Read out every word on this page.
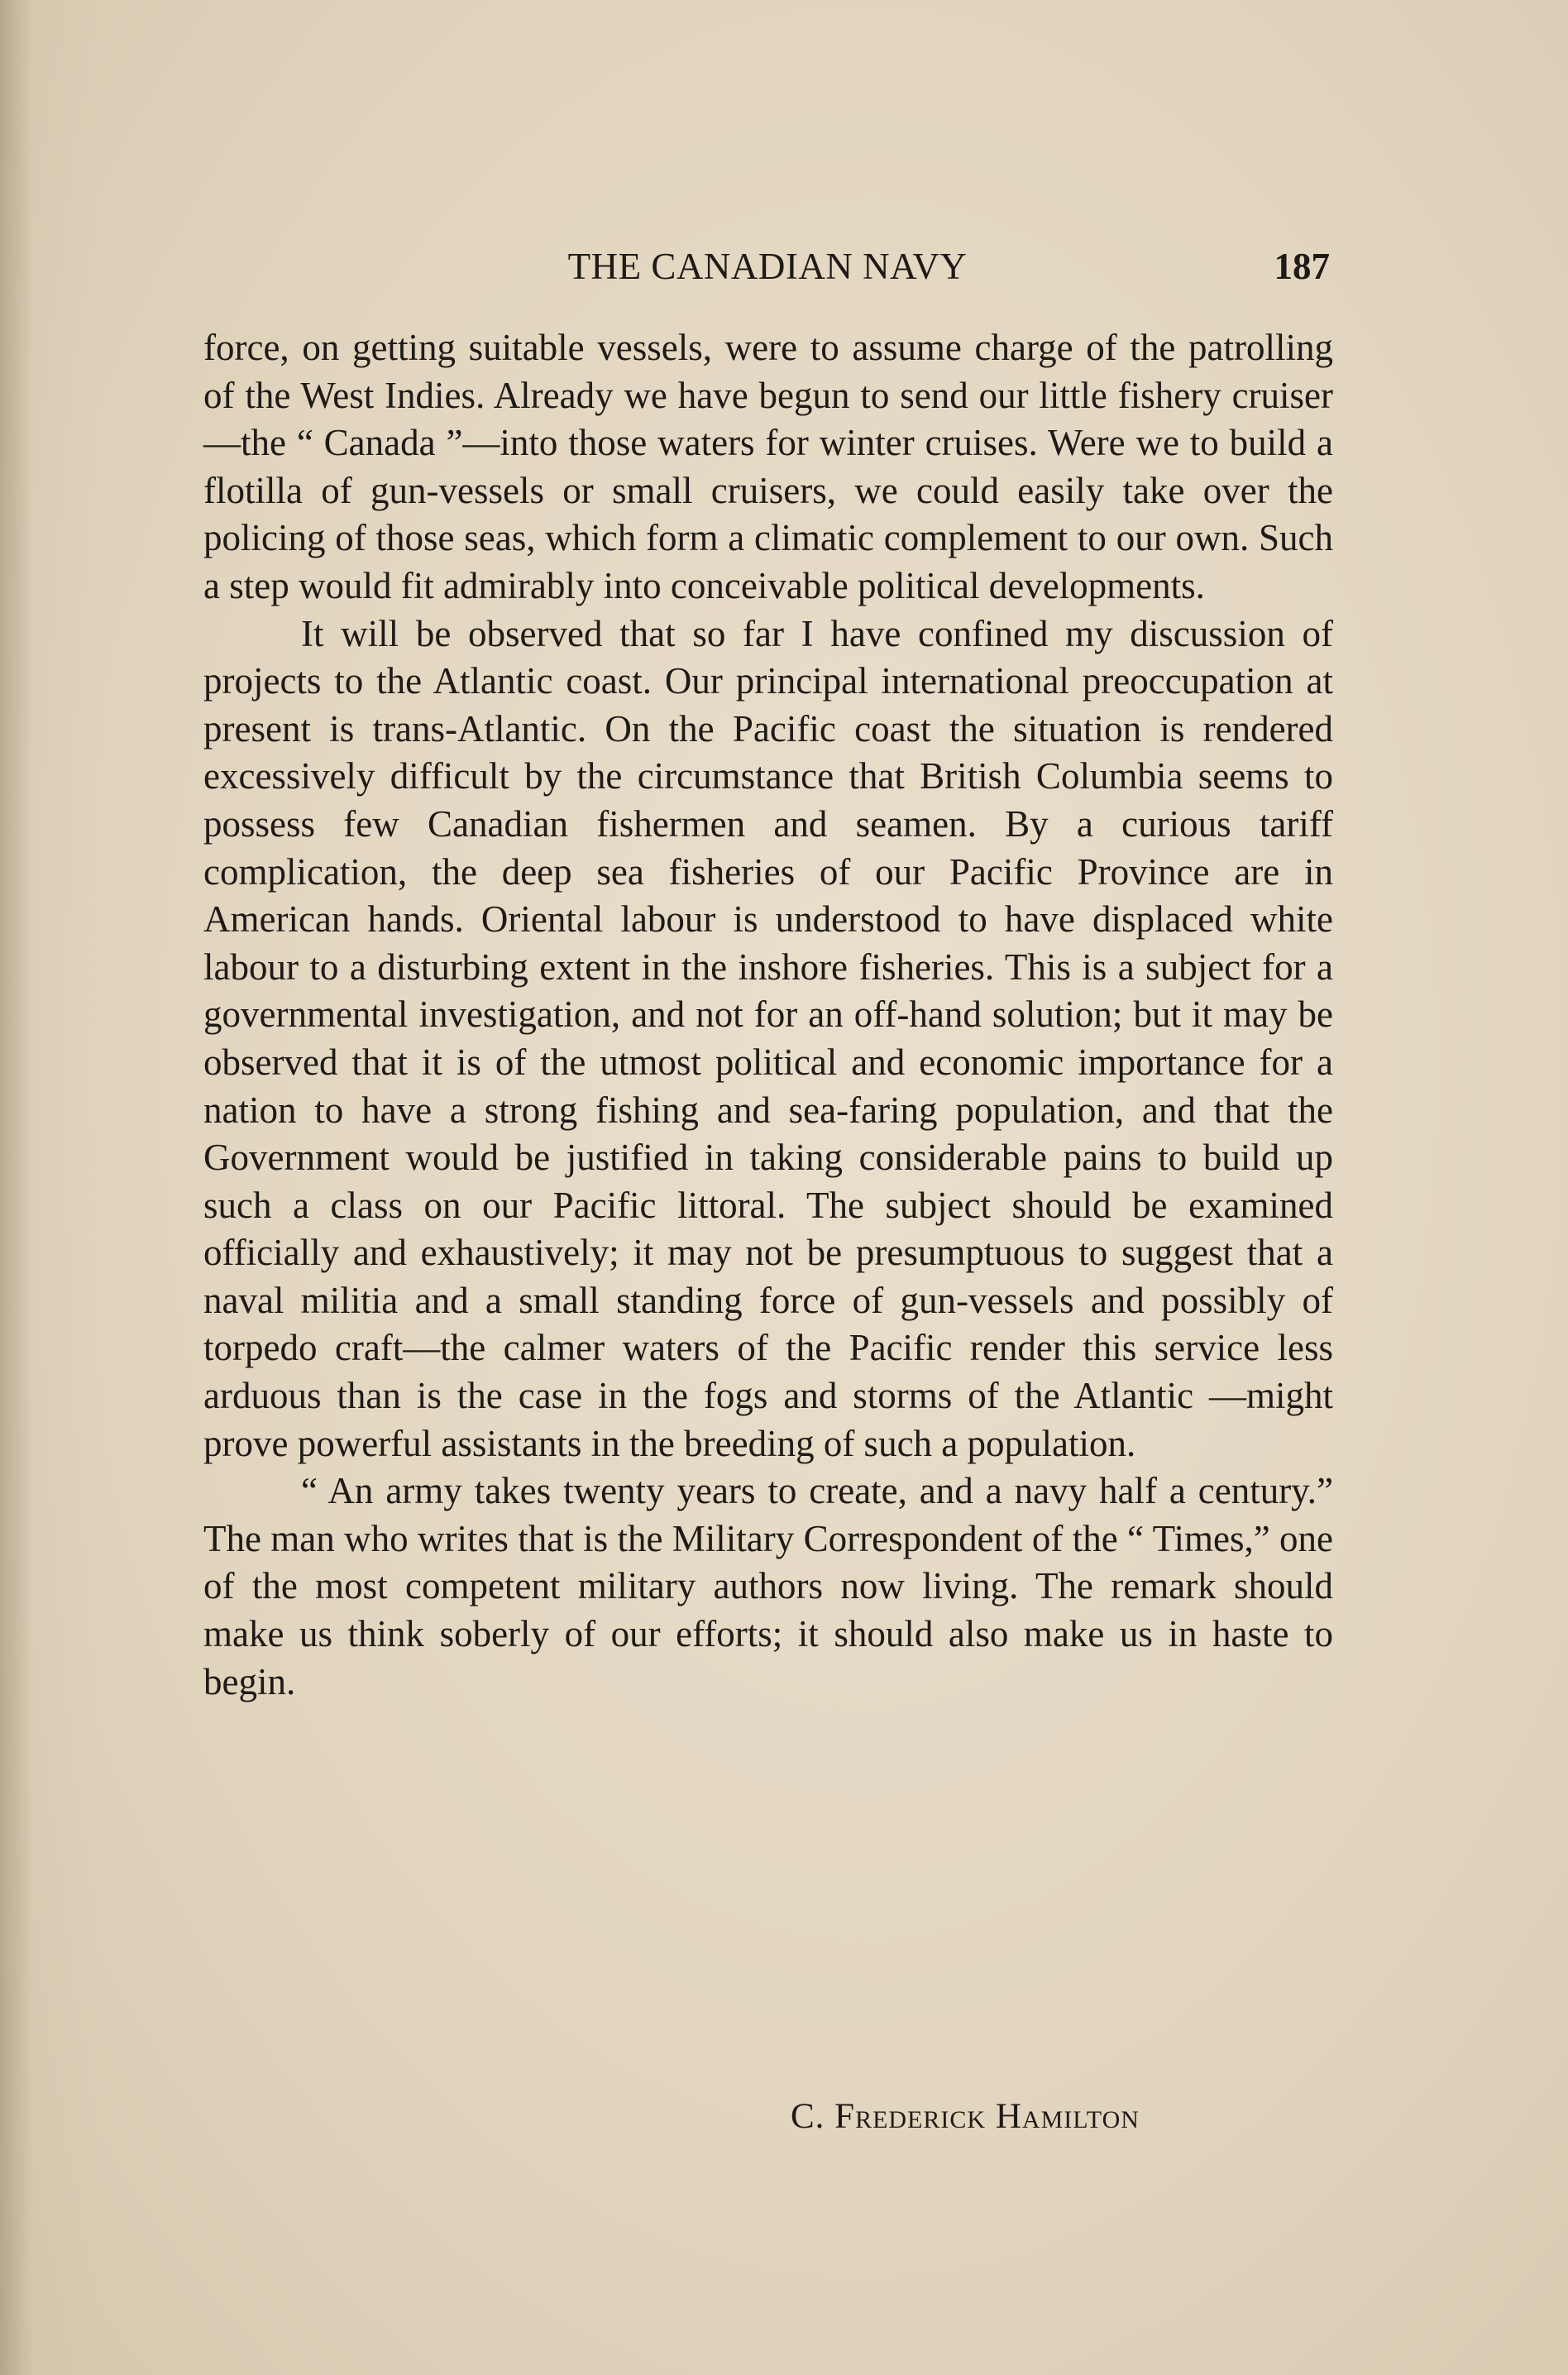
THE CANADIAN NAVY	187

force, on getting suitable vessels, were to assume charge of the patrolling of the West Indies. Already we have begun to send our little fishery cruiser—the “ Canada ”—into those waters for winter cruises. Were we to build a flotilla of gun-vessels or small cruisers, we could easily take over the policing of those seas, which form a climatic complement to our own. Such a step would fit admirably into conceivable political developments.

It will be observed that so far I have confined my discussion of projects to the Atlantic coast. Our principal international preoccupation at present is trans-Atlantic. On the Pacific coast the situation is rendered excessively difficult by the circumstance that British Columbia seems to possess few Canadian fishermen and seamen. By a curious tariff complication, the deep sea fisheries of our Pacific Province are in American hands. Oriental labour is understood to have displaced white labour to a disturbing extent in the inshore fisheries. This is a subject for a governmental investigation, and not for an off-hand solution; but it may be observed that it is of the utmost political and economic importance for a nation to have a strong fishing and sea-faring population, and that the Government would be justified in taking considerable pains to build up such a class on our Pacific littoral. The subject should be examined officially and exhaustively; it may not be presumptuous to suggest that a naval militia and a small standing force of gun-vessels and possibly of torpedo craft—the calmer waters of the Pacific render this service less arduous than is the case in the fogs and storms of the Atlantic —might prove powerful assistants in the breeding of such a population.

“ An army takes twenty years to create, and a navy half a century.” The man who writes that is the Military Correspondent of the “ Times,” one of the most competent military authors now living. The remark should make us think soberly of our efforts; it should also make us in haste to begin.

C. Frederick Hamilton
